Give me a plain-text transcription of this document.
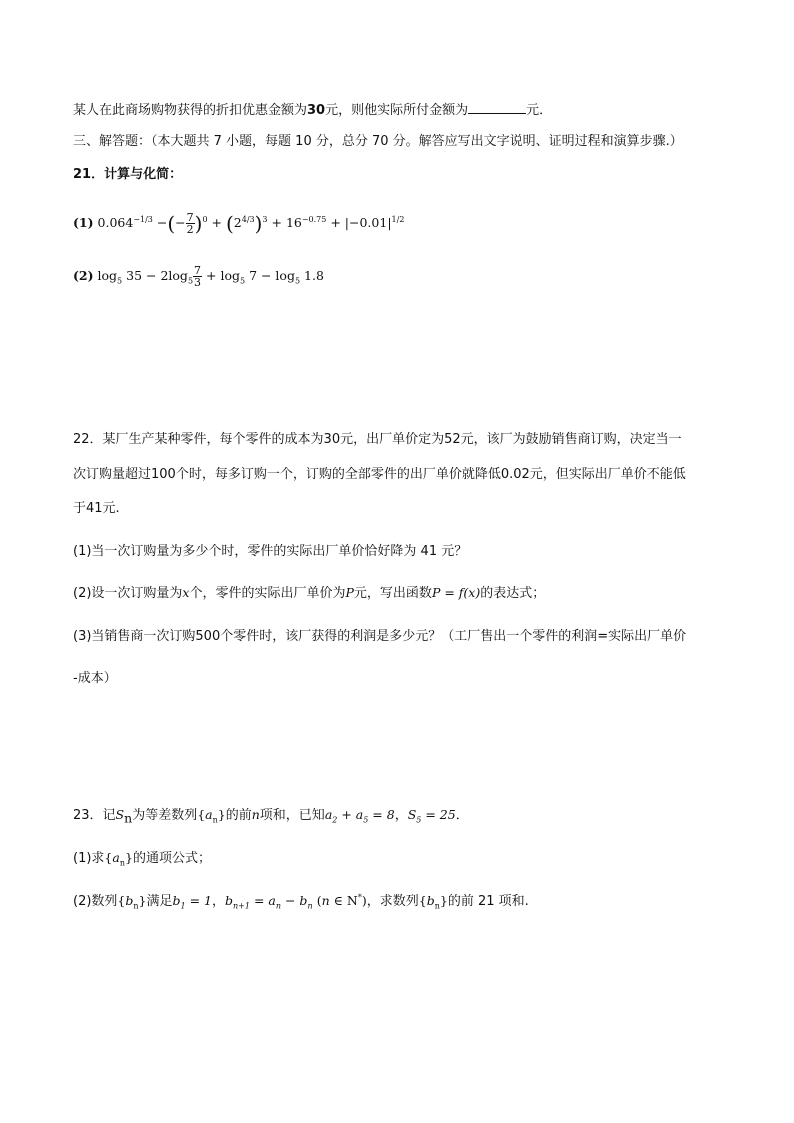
某人在此商场购物获得的折扣优惠金额为30元，则他实际所付金额为	元．
三、解答题：（本大题共 7 小题，每题 10 分，总分 70 分。解答应写出文字说明、证明过程和演算步骤.）
21．计算与化简：
(1) $0.064^{-1/3}$ −(− $\frac{7}{2} )^0 + (2^{4/3})^3 + 16^{-0.75} + |-0.01|^{1/2}$
(2) $\log_5 35 - 2\log_5 \frac{7}{3} + \log_5 7 - \log_5 1.8$
22．某厂生产某种零件，每个零件的成本为30元，出厂单价定为52元，该厂为鼓励销售商订购，决定当一
次订购量超过100个时，每多订购一个，订购的全部零件的出厂单价就降低0.02元，但实际出厂单价不能低
于41元.
(1)当一次订购量为多少个时，零件的实际出厂单价恰好降为 41 元？
(2)设一次订购量为x个，零件的实际出厂单价为P元，写出函数P = f(x)的表达式；
(3)当销售商一次订购500个零件时，该厂获得的利润是多少元？（工厂售出一个零件的利润=实际出厂单价
-成本）
23．记$S_n$为等差数列$\{a_n\}$的前n项和，已知$a_2 + a_5 = 8$，$S_5 = 25$．
(1)求$\{a_n\}$的通项公式；
(2)数列$\{b_n\}$满足$b_1 = 1$，$b_{n+1} = a_n - b_n$ (n ∈ N*)，求数列$\{b_n\}$的前 21 项和.
